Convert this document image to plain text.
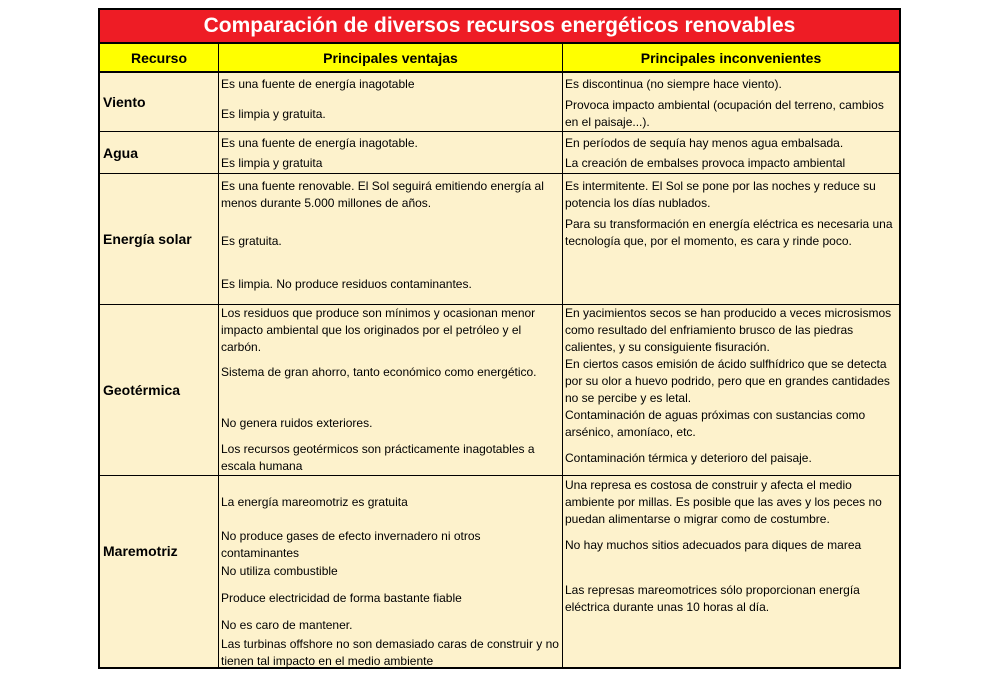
Comparación de diversos recursos energéticos renovables
Recurso	Principales ventajas	Principales inconvenientes
Viento
Es una fuente de energía inagotable
Es limpia y gratuita.
Es discontinua (no siempre hace viento).
Provoca impacto ambiental (ocupación del terreno, cambios en el paisaje...).
Agua
Es una fuente de energía inagotable.
Es limpia y gratuita
En períodos de sequía hay menos agua embalsada.
La creación de embalses provoca impacto ambiental
Energía solar
Es una fuente renovable. El Sol seguirá emitiendo energía al menos durante 5.000 millones de años.
Es gratuita.
Es limpia. No produce residuos contaminantes.
Es intermitente. El Sol se pone por las noches y reduce su potencia los días nublados.
Para su transformación en energía eléctrica es necesaria una tecnología que, por el momento, es cara y rinde poco.
Geotérmica
Los residuos que produce son mínimos y ocasionan menor impacto ambiental que los originados por el petróleo y el carbón.
Sistema de gran ahorro, tanto económico como energético.
No genera ruidos exteriores.
Los recursos geotérmicos son prácticamente inagotables a escala humana
En yacimientos secos se han producido a veces microsismos como resultado del enfriamiento brusco de las piedras calientes, y su consiguiente fisuración.
En ciertos casos emisión de ácido sulfhídrico que se detecta por su olor a huevo podrido, pero que en grandes cantidades no se percibe y es letal.
Contaminación de aguas próximas con sustancias como arsénico, amoníaco, etc.
Contaminación térmica y deterioro del paisaje.
Maremotriz
La energía mareomotriz es gratuita
No produce gases de efecto invernadero ni otros contaminantes
No utiliza combustible
Produce electricidad de forma bastante fiable
No es caro de mantener.
Las turbinas offshore no son demasiado caras de construir y no tienen tal impacto en el medio ambiente
Una represa es costosa de construir y afecta el medio ambiente por millas. Es posible que las aves y los peces no puedan alimentarse o migrar como de costumbre.
No hay muchos sitios adecuados para diques de marea
Las represas mareomotrices sólo proporcionan energía eléctrica durante unas 10 horas al día.
